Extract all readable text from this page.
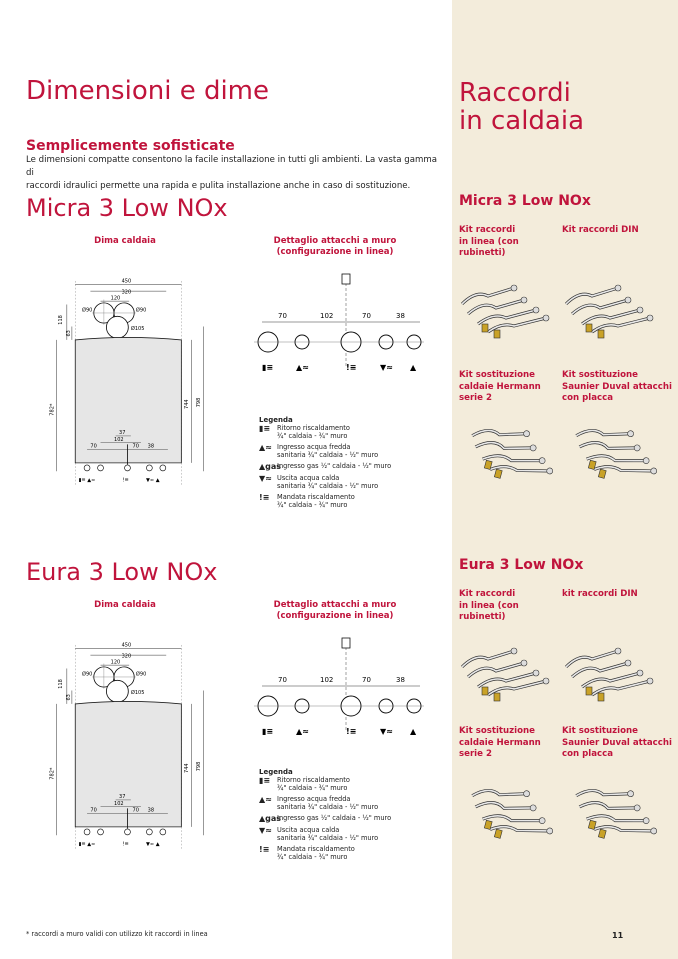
Dimensioni e dime
Semplicemente sofisticate
Le dimensioni compatte consentono la facile installazione in tutti gli ambienti. La vasta gamma di
raccordi idraulici permette una rapida e pulita installazione anche in caso di sostituzione.
Raccordi
in caldaia
Micra 3 Low NOx
Dima caldaia	Dettaglio attacchi a muro
(configurazione in linea)
450
320
120
Ø90	Ø90
Ø105
118
63
782*	744 798
37
102
70	70 38
70	102	70	38
Legenda
▮≡	Ritorno riscaldamento
¾" caldaia - ¾" muro
▲≈ Ingresso acqua fredda
sanitaria ¾" caldaia - ½" muro
▲gas
Ingresso gas ½" caldaia - ½" muro
▼≈ Uscita acqua calda
sanitaria ¾" caldaia - ½" muro
!≡	Mandata riscaldamento
¾" caldaia - ¾" muro
Eura 3 Low NOx
Dima caldaia	Dettaglio attacchi a muro
(configurazione in linea)
450
320
120
Ø90	Ø90
Ø105
118
63
782*	744 798
37
102
70	70 38
70	102	70	38
Legenda
▮≡	Ritorno riscaldamento
¾" caldaia - ¾" muro
▲≈ Ingresso acqua fredda
sanitaria ¾" caldaia - ½" muro
▲gas
Ingresso gas ½" caldaia - ½" muro
▼≈ Uscita acqua calda
sanitaria ¾" caldaia - ½" muro
!≡	Mandata riscaldamento
¾" caldaia - ¾" muro
Micra 3 Low NOx
Kit raccordi
in linea (con rubinetti)
Kit raccordi DIN
Kit sostituzione
caldaie Hermann
serie 2
Kit sostituzione
Saunier Duval attacchi
con placca
Eura 3 Low NOx
Kit raccordi
in linea (con rubinetti)
kit raccordi DIN
Kit sostituzione
caldaie Hermann
serie 2
Kit sostituzione
Saunier Duval attacchi
con placca
* raccordi a muro validi con utilizzo kit raccordi in linea	11
